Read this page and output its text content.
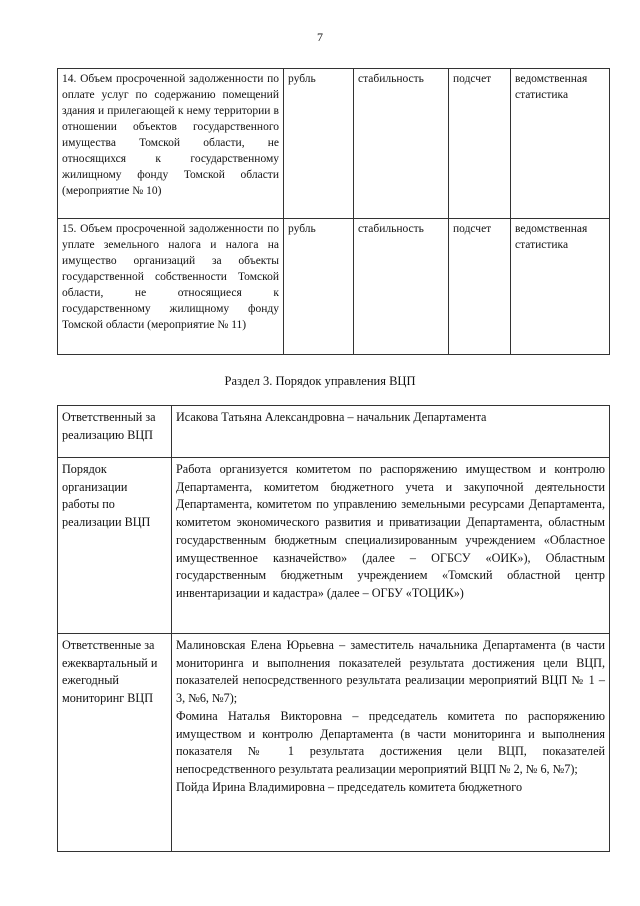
7
14. Объем просроченной задолженности по оплате услуг по содержанию помещений здания и прилегающей к нему территории в отношении объектов государственного имущества Томской области, не относящихся к государственному жилищному фонду Томской области (мероприятие № 10)	рубль	стабильность	подсчет	ведомственная статистика
15. Объем просроченной задолженности по уплате земельного налога и налога на имущество организаций за объекты государственной собственности Томской области, не относящиеся к государственному жилищному фонду Томской области (мероприятие № 11)	рубль	стабильность	подсчет	ведомственная статистика
Раздел 3. Порядок управления ВЦП
Ответственный за реализацию ВЦП	Исакова Татьяна Александровна – начальник Департамента

Порядок организации работы по реализации ВЦП	Работа организуется комитетом по распоряжению имуществом и контролю Департамента, комитетом бюджетного учета и закупочной деятельности Департамента, комитетом по управлению земельными ресурсами Департамента, комитетом экономического развития и приватизации Департамента, областным государственным бюджетным специализированным учреждением «Областное имущественное казначейство» (далее – ОГБСУ «ОИК»), Областным государственным бюджетным учреждением «Томский областной центр инвентаризации и кадастра» (далее – ОГБУ «ТОЦИК»)

Ответственные за ежеквартальный и ежегодный мониторинг ВЦП	Малиновская Елена Юрьевна – заместитель начальника Департамента (в части мониторинга и выполнения показателей результата достижения цели ВЦП, показателей непосредственного результата реализации мероприятий ВЦП № 1 – 3, №6, №7);

Фомина Наталья Викторовна – председатель комитета по распоряжению имуществом и контролю Департамента (в части мониторинга и выполнения показателя № 1 результата достижения цели ВЦП, показателей непосредственного результата реализации мероприятий ВЦП № 2, № 6, №7);

Пойда Ирина Владимировна – председатель комитета бюджетного
